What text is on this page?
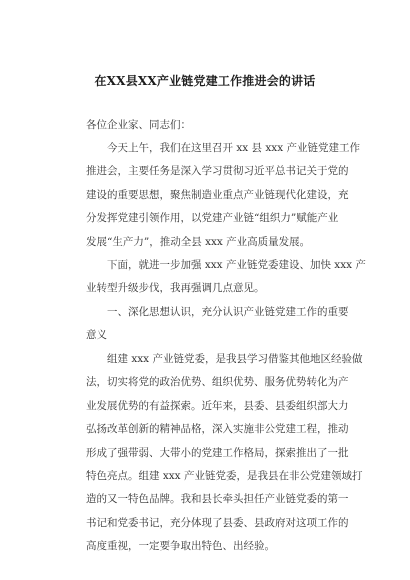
在XX县XX产业链党建工作推进会的讲话
各位企业家、同志们：
今天上午，我们在这里召开 xx 县 xxx 产业链党建工作
推进会，主要任务是深入学习贯彻习近平总书记关于党的
建设的重要思想，聚焦制造业重点产业链现代化建设，充
分发挥党建引领作用，以党建产业链“组织力”赋能产业
发展“生产力”，推动全县 xxx 产业高质量发展。
下面，就进一步加强 xxx 产业链党委建设、加快 xxx 产
业转型升级步伐，我再强调几点意见。
一、深化思想认识，充分认识产业链党建工作的重要
意义
组建 xxx 产业链党委，是我县学习借鉴其他地区经验做
法，切实将党的政治优势、组织优势、服务优势转化为产
业发展优势的有益探索。近年来，县委、县委组织部大力
弘扬改革创新的精神品格，深入实施非公党建工程，推动
形成了强带弱、大带小的党建工作格局，探索推出了一批
特色亮点。组建 xxx 产业链党委，是我县在非公党建领域打
造的又一特色品牌。我和县长牵头担任产业链党委的第一
书记和党委书记，充分体现了县委、县政府对这项工作的
高度重视，一定要争取出特色、出经验。
